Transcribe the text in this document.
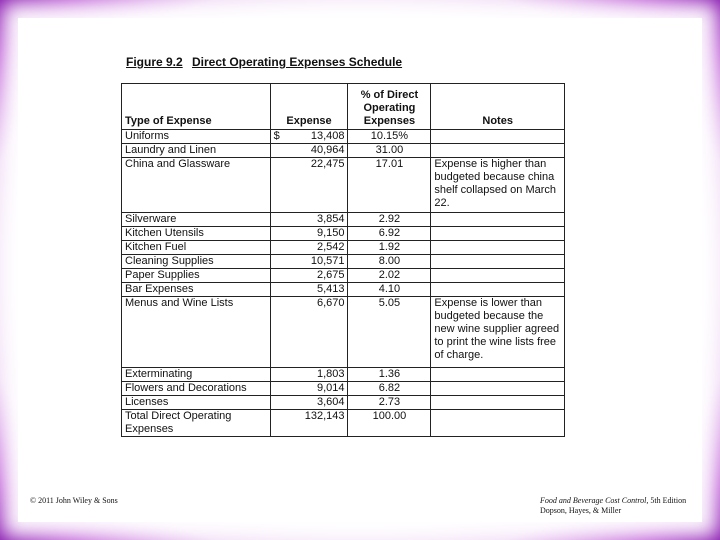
Figure 9.2 Direct Operating Expenses Schedule
Type of Expense	Expense	% of Direct Operating Expenses	Notes
Uniforms	$ 13,408	10.15%	
Laundry and Linen	40,964	31.00	
China and Glassware	22,475	17.01	Expense is higher than budgeted because china shelf collapsed on March 22.
Silverware	3,854	2.92	
Kitchen Utensils	9,150	6.92	
Kitchen Fuel	2,542	1.92	
Cleaning Supplies	10,571	8.00	
Paper Supplies	2,675	2.02	
Bar Expenses	5,413	4.10	
Menus and Wine Lists	6,670	5.05	Expense is lower than budgeted because the new wine supplier agreed to print the wine lists free of charge.
Exterminating	1,803	1.36	
Flowers and Decorations	9,014	6.82	
Licenses	3,604	2.73	
Total Direct Operating Expenses	132,143	100.00	
© 2011 John Wiley & Sons	Food and Beverage Cost Control, 5th Edition
Dopson, Hayes, & Miller
